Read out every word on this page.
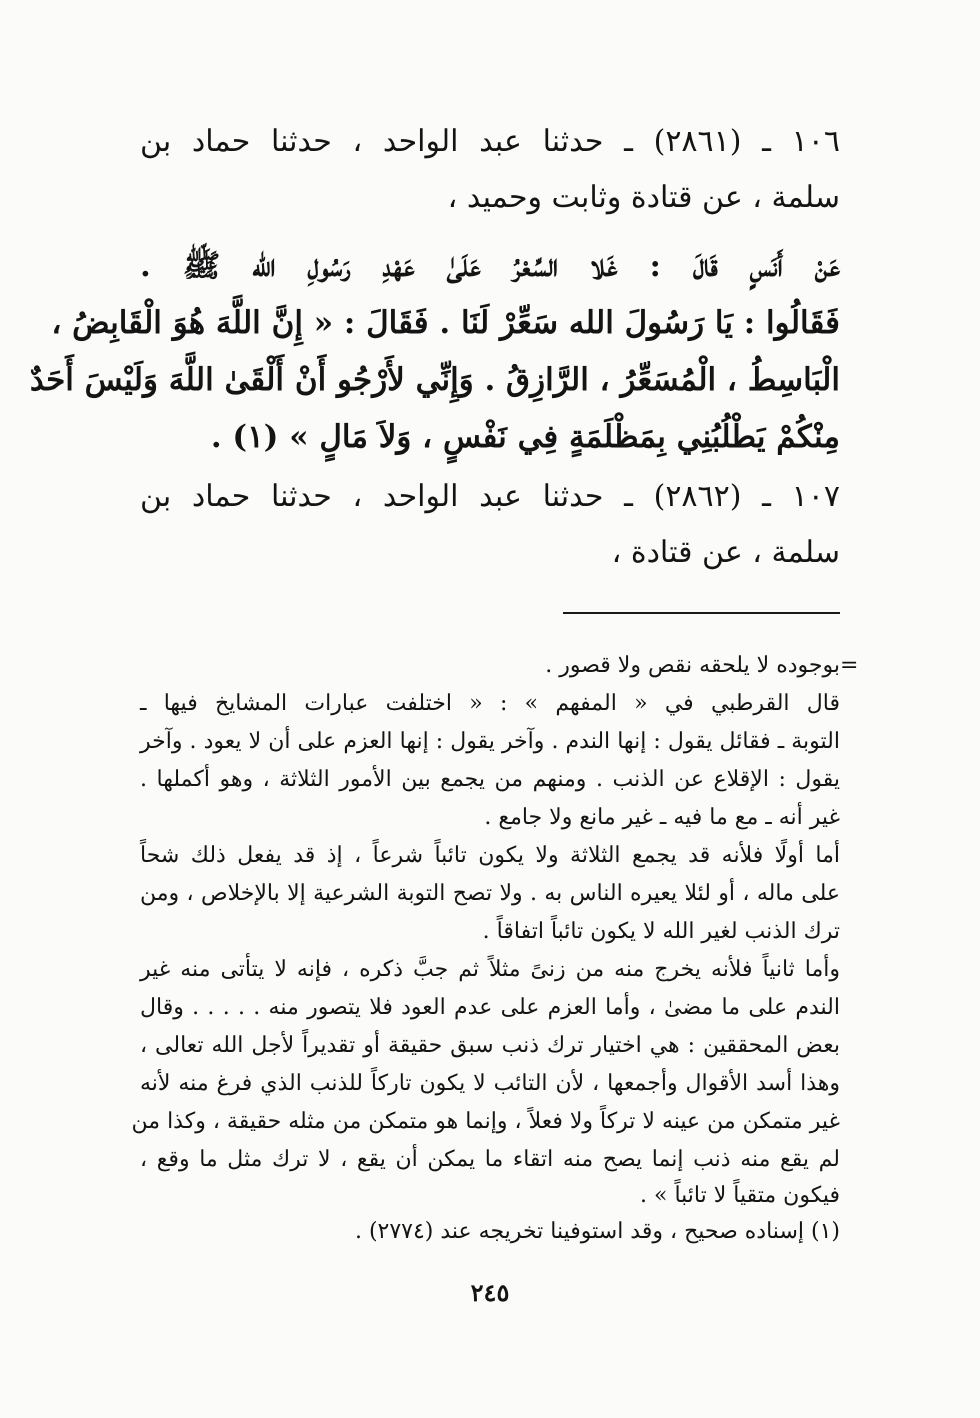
١٠٦ ـ (٢٨٦١) ـ حدثنا عبد الواحد ، حدثنا حماد بن
سلمة ، عن قتادة وثابت وحميد ،
عَنْ أَنَسٍ قَالَ : غَلا السِّعْرُ عَلَىٰ عَهْدِ رَسُولِ الله ﷺ .
فَقَالُوا : يَا رَسُولَ الله سَعِّرْ لَنَا . فَقَالَ : « إِنَّ اللَّهَ هُوَ الْقَابِضُ ،
الْبَاسِطُ ، الْمُسَعِّرُ ، الرَّازِقُ . وَإِنِّي لأَرْجُو أَنْ أَلْقَىٰ اللَّهَ وَلَيْسَ أَحَدٌ
مِنْكُمْ يَطْلُبُنِي بِمَظْلَمَةٍ فِي نَفْسٍ ، وَلاَ مَالٍ » (١) .
١٠٧ ـ (٢٨٦٢) ـ حدثنا عبد الواحد ، حدثنا حماد بن
سلمة ، عن قتادة ،
=
بوجوده لا يلحقه نقص ولا قصور .
قال القرطبي في « المفهم » : « اختلفت عبارات المشايخ فيها ـ
التوبة ـ فقائل يقول : إنها الندم . وآخر يقول : إنها العزم على أن لا يعود . وآخر
يقول : الإقلاع عن الذنب . ومنهم من يجمع بين الأمور الثلاثة ، وهو أكملها .
غير أنه ـ مع ما فيه ـ غير مانع ولا جامع .
أما أولًا فلأنه قد يجمع الثلاثة ولا يكون تائباً شرعاً ، إذ قد يفعل ذلك شحاً
على ماله ، أو لئلا يعيره الناس به . ولا تصح التوبة الشرعية إلا بالإخلاص ، ومن
ترك الذنب لغير الله لا يكون تائباً اتفاقاً .
وأما ثانياً فلأنه يخرج منه من زنىً مثلاً ثم جبَّ ذكره ، فإنه لا يتأتى منه غير
الندم على ما مضىٰ ، وأما العزم على عدم العود فلا يتصور منه . . . . . وقال
بعض المحققين : هي اختيار ترك ذنب سبق حقيقة أو تقديراً لأجل الله تعالى ،
وهذا أسد الأقوال وأجمعها ، لأن التائب لا يكون تاركاً للذنب الذي فرغ منه لأنه
غير متمكن من عينه لا تركاً ولا فعلاً ، وإنما هو متمكن من مثله حقيقة ، وكذا من
لم يقع منه ذنب إنما يصح منه اتقاء ما يمكن أن يقع ، لا ترك مثل ما وقع ،
فيكون متقياً لا تائباً » .
(١) إسناده صحيح ، وقد استوفينا تخريجه عند (٢٧٧٤) .
٢٤٥
